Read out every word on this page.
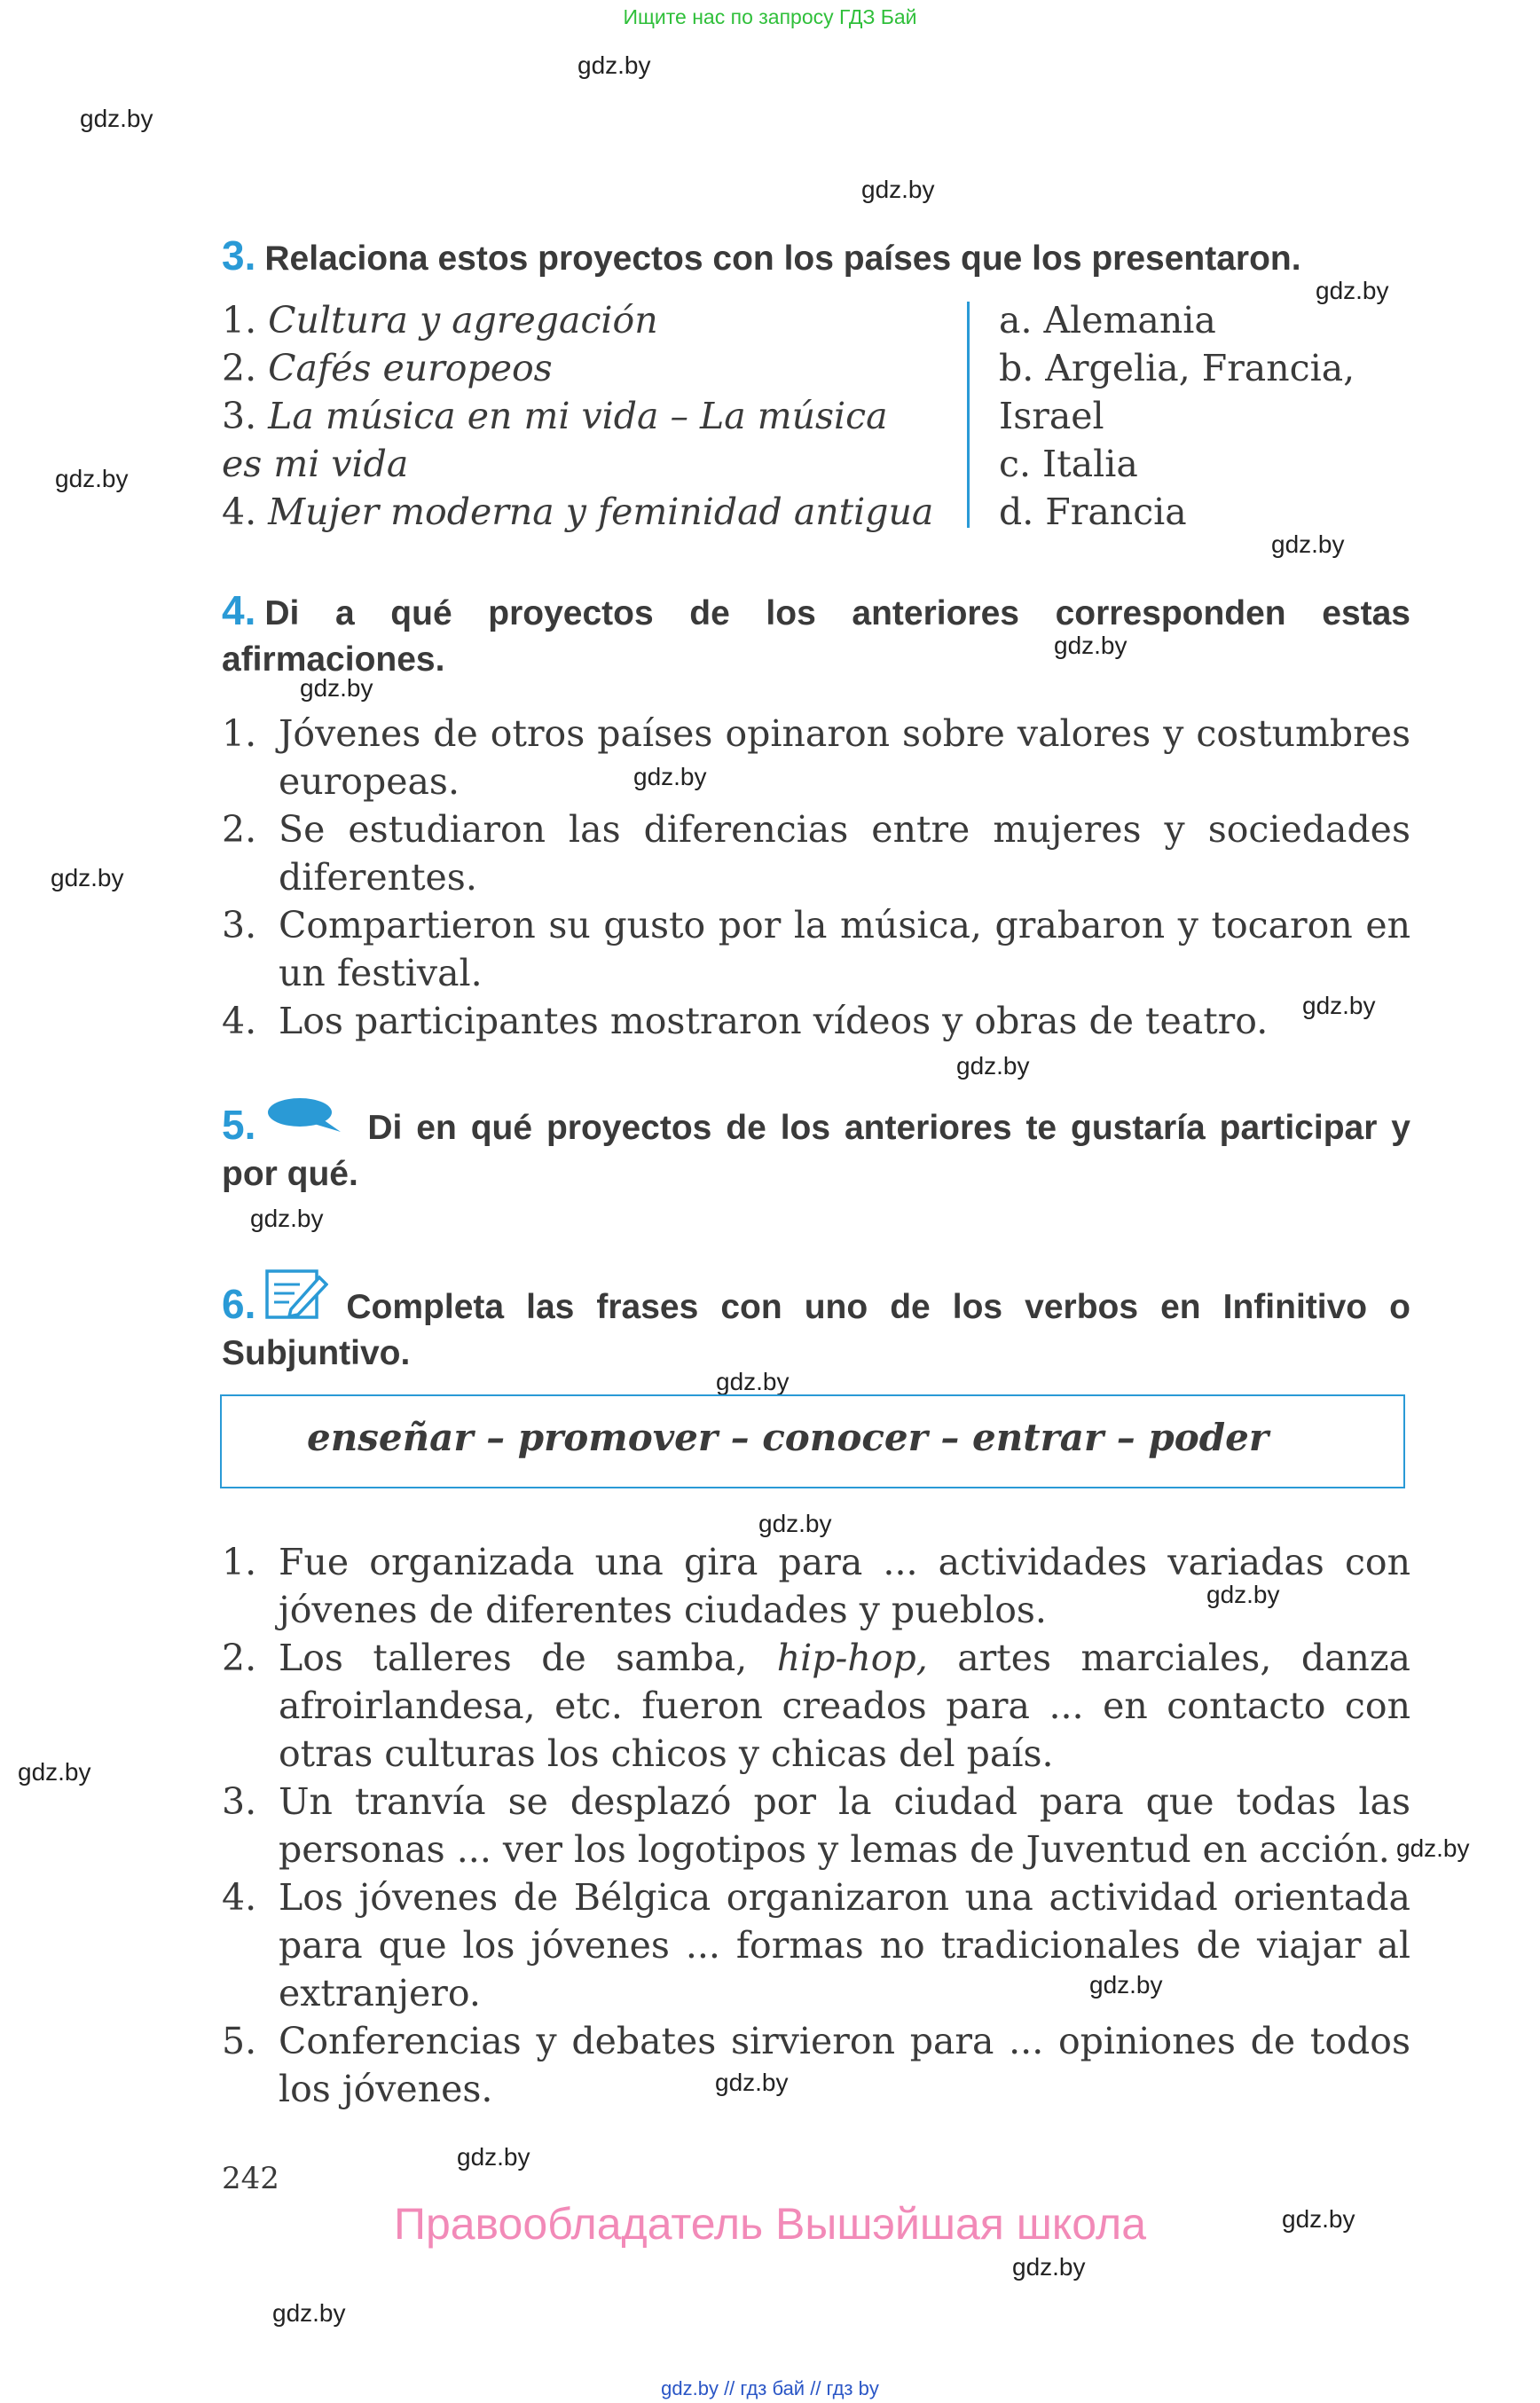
Ищите нас по запросу ГДЗ Бай
gdz.by
gdz.by
gdz.by
gdz.by
gdz.by
gdz.by
gdz.by
gdz.by
gdz.by
gdz.by
gdz.by
gdz.by
gdz.by
gdz.by
gdz.by
gdz.by
gdz.by
gdz.by
gdz.by
gdz.by
gdz.by
gdz.by
gdz.by
gdz.by
3. Relaciona estos proyectos con los países que los presentaron.
1. Cultura y agregación
2. Cafés europeos
3. La música en mi vida – La música
es mi vida
4. Mujer moderna y feminidad antigua
a. Alemania
b. Argelia, Francia,
Israel
c. Italia
d. Francia
4. Di a qué proyectos de los anteriores corresponden estas afirmaciones.
1. Jóvenes de otros países opinaron sobre valores y costumbres europeas.
2. Se estudiaron las diferencias entre mujeres y sociedades diferentes.
3. Compartieron su gusto por la música, grabaron y tocaron en un festival.
4. Los participantes mostraron vídeos y obras de teatro.
5.	Di en qué proyectos de los anteriores te gustaría participar y por qué.
6.	Completa las frases con uno de los verbos en Infinitivo o Subjuntivo.
enseñar – promover – conocer – entrar – poder
1. Fue organizada una gira para ... actividades variadas con jóvenes de diferentes ciudades y pueblos.
2. Los talleres de samba, hip-hop, artes marciales, danza afroirlandesa, etc. fueron creados para ... en contacto con otras culturas los chicos y chicas del país.
3. Un tranvía se desplazó por la ciudad para que todas las personas ... ver los logotipos y lemas de Juventud en acción.
4. Los jóvenes de Bélgica organizaron una actividad orientada para que los jóvenes ... formas no tradicionales de viajar al extranjero.
5. Conferencias y debates sirvieron para ... opiniones de todos los jóvenes.
242
Правообладатель Вышэйшая школа
gdz.by // гдз бай // гдз by
